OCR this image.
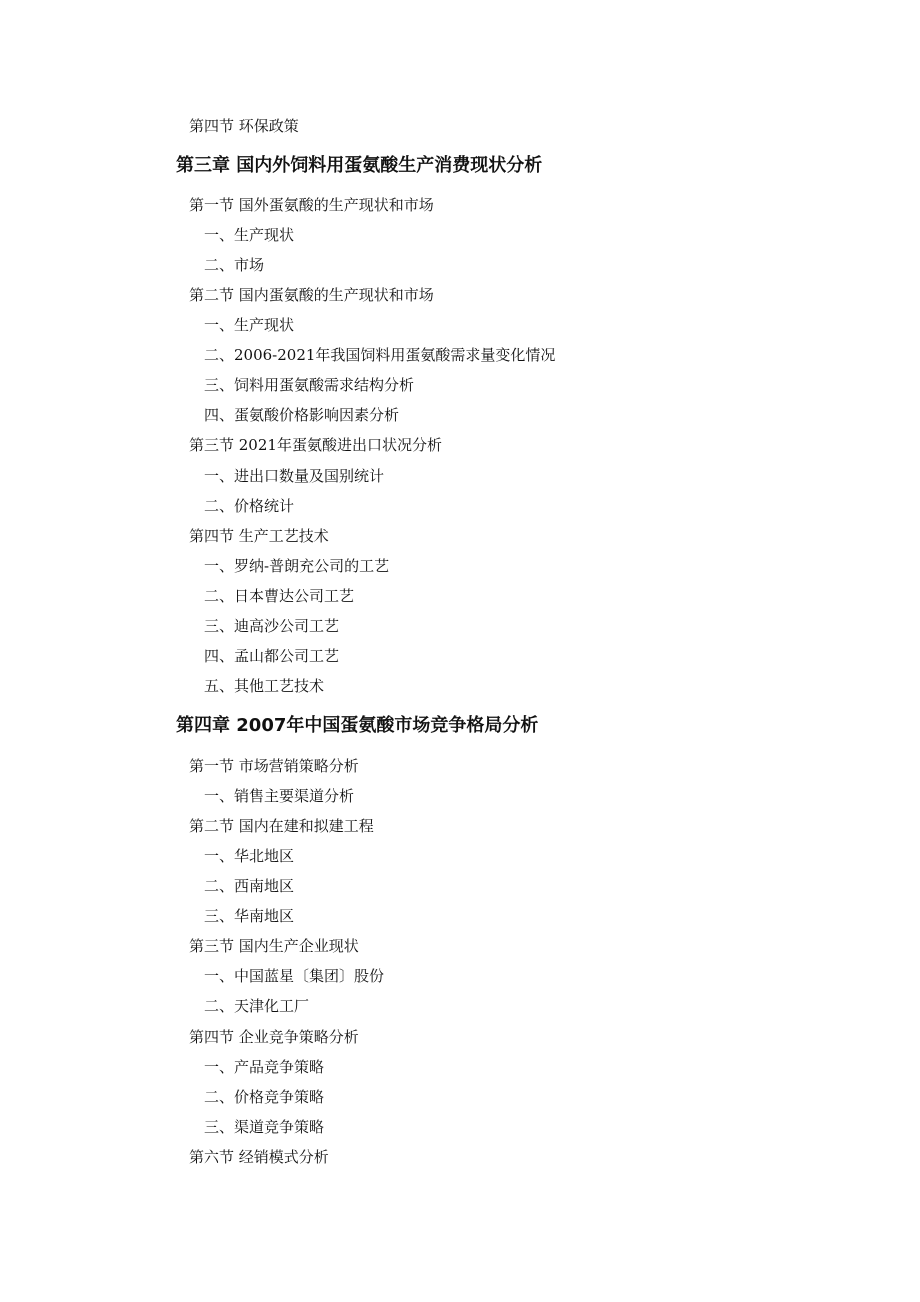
第四节 环保政策
第三章 国内外饲料用蛋氨酸生产消费现状分析
第一节 国外蛋氨酸的生产现状和市场
一、生产现状
二、市场
第二节 国内蛋氨酸的生产现状和市场
一、生产现状
二、2006-2021年我国饲料用蛋氨酸需求量变化情况
三、饲料用蛋氨酸需求结构分析
四、蛋氨酸价格影响因素分析
第三节 2021年蛋氨酸进出口状况分析
一、进出口数量及国别统计
二、价格统计
第四节 生产工艺技术
一、罗纳-普朗充公司的工艺
二、日本曹达公司工艺
三、迪高沙公司工艺
四、孟山都公司工艺
五、其他工艺技术
第四章 2007年中国蛋氨酸市场竞争格局分析
第一节 市场营销策略分析
一、销售主要渠道分析
第二节 国内在建和拟建工程
一、华北地区
二、西南地区
三、华南地区
第三节 国内生产企业现状
一、中国蓝星〔集团〕股份
二、天津化工厂
第四节 企业竞争策略分析
一、产品竞争策略
二、价格竞争策略
三、渠道竞争策略
第六节 经销模式分析
